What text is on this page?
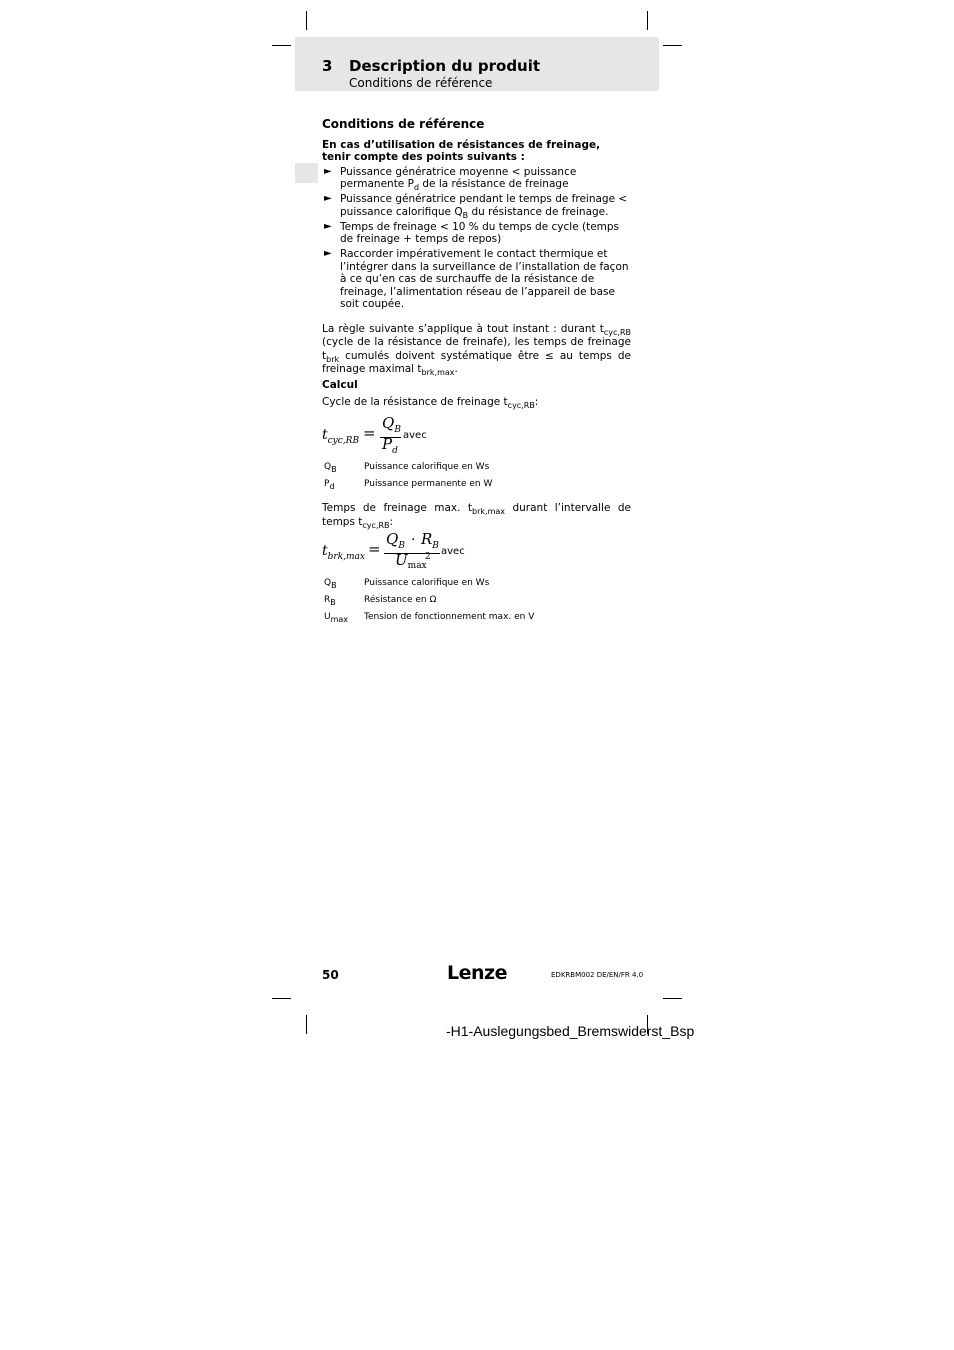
3 Description du produit
Conditions de référence
Conditions de référence
En cas d’utilisation de résistances de freinage, tenir compte des points suivants :
► Puissance génératrice moyenne < puissance permanente $P_d$ de la résistance de freinage
► Puissance génératrice pendant le temps de freinage < puissance calorifique $Q_B$ du résistance de freinage.
► Temps de freinage < 10 % du temps de cycle (temps de freinage + temps de repos)
► Raccorder impérativement le contact thermique et l’intégrer dans la surveillance de l’installation de façon à ce qu’en cas de surchauffe de la résistance de freinage, l’alimentation réseau de l’appareil de base soit coupée.

La règle suivante s’applique à tout instant : durant $t_{cyc,RB}$ (cycle de la résistance de freinafe), les temps de freinage $t_{brk}$ cumulés doivent systématique être ≤ au temps de freinage maximal $t_{brk,max}$.

Calcul
Cycle de la résistance de freinage $t_{cyc,RB}$:
$t_{cyc,RB}$ =
$Q_B$
$P_d$
avec
$Q_B$	Puissance calorifique en Ws
$P_d$	Puissance permanente en W

Temps de freinage max. $t_{brk,max}$ durant l’intervalle de temps $t_{cyc,RB}$:

$t_{brk,max}$ =
$Q_B \cdot R_B$
$U_{max}$
2 avec
$Q_B$	Puissance calorifique en Ws
$R_B$	Résistance en Ω
$U_{max}$ Tension de fonctionnement max. en V
50	Lenze	EDKRBM002 DE/EN/FR 4.0
-H1-Auslegungsbed_Bremswiderst_Bsp
